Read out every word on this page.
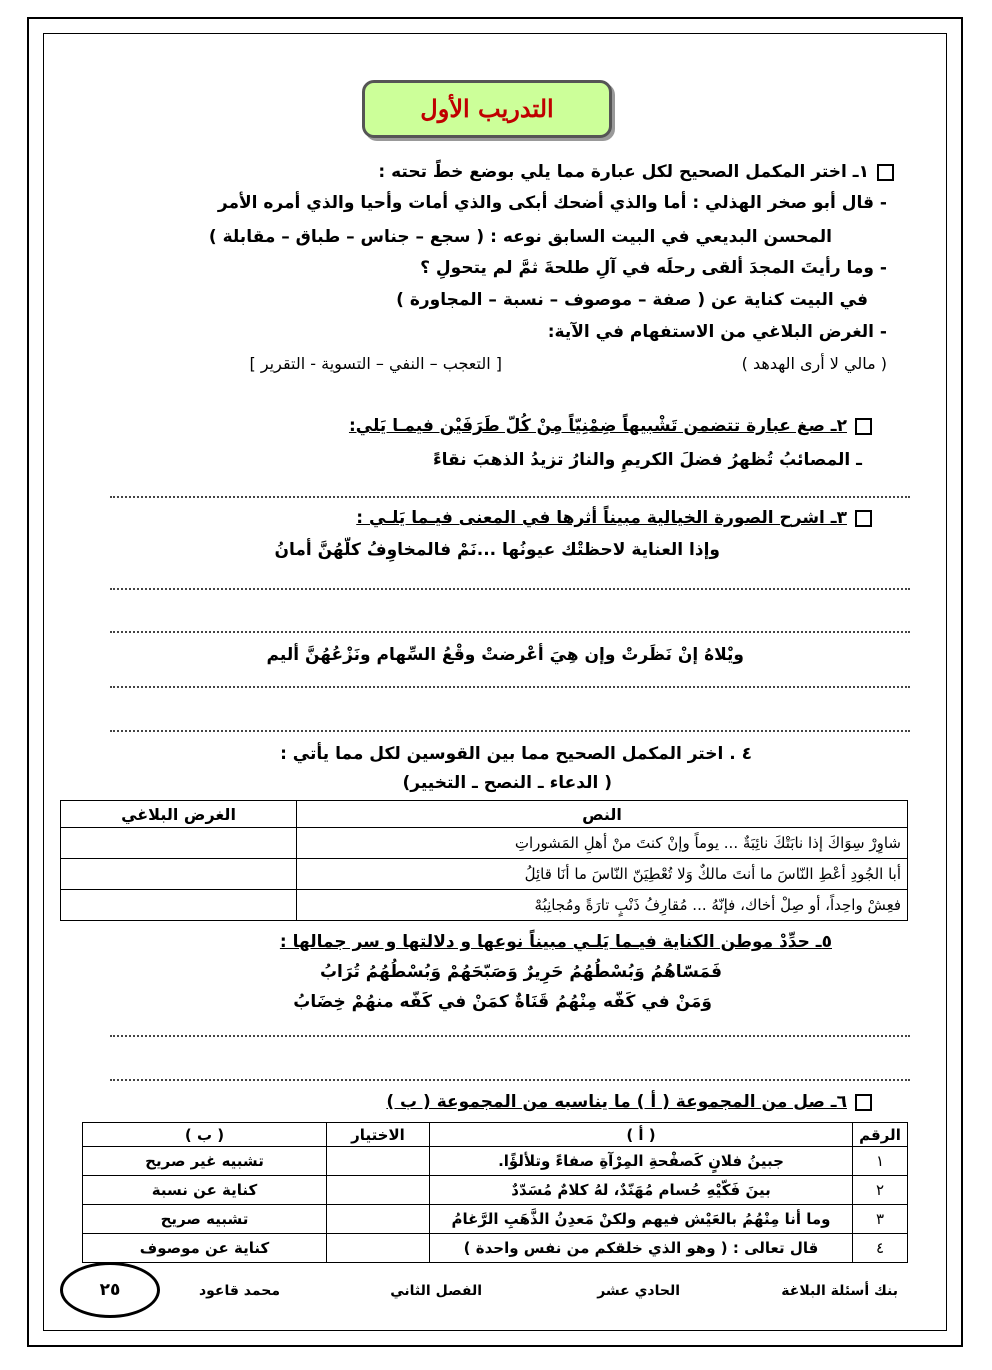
التدريب الأول
١ـ اختر المكمل الصحيح لكل عبارة مما يلي بوضع خطً تحته :
- قال أبو صخر الهذلي : أما والذي أضحك أبكى والذي أمات وأحيا والذي أمره الأمر
المحسن البديعي في البيت السابق نوعه : ( سجع – جناس – طباق – مقابلة )
- وما رأيتَ المجدَ ألقى رحلَه في آلِ طلحةَ ثمَّ لم يتحولِ ؟
في البيت كناية عن ( صفة – موصوف – نسبة – المجاورة )
- الغرض البلاغي من الاستفهام في الآية:
( مالي لا أرى الهدهد )
[ التعجب – النفي – التسوية - التقرير ]
٢ـ صغ عبارة تتضمن تَشْبيهاً ضِمْنِيّاً مِنْ كُلّ طَرَفَيْن فيمـا يَلي:
ـ المصائبُ تُظهرُ فضلَ الكريمِ والنارُ تزيدُ الذهبَ نقاءً
٣ـ اشرح الصورة الخيالية مبيناً أثرها في المعنى فيـما يَلـي :
وإذا العناية لاحظتْك عيونُها ...نَمْ فالمخاوِفُ كلّهُنَّ أمانُ
ويْلاهُ إنْ نَظَرتْ وإن هِيَ أعْرضتْ وقْعُ السِّهام ونَزْعُهُنَّ أليم
٤ . اختر المكمل الصحيح مما بين القوسين لكل مما يأتي :
( الدعاء ـ النصح ـ التخيير)
النص	الغرض البلاغي
شاوِرْ سِوَاكَ إذا نابَتْكَ نائِبَةٌ ... يوماً وإنْ كنتَ منْ أهلِ المَشوراتِ	
أبا الجُودِ أعْطِ النّاسَ ما أنتَ مالكٌ وَلا تُعْطِيَنّ النّاسَ ما أنَا قائِلُ	
فعِشْ واحِداً، أو صِلْ أخاك، فإنّهُ ... مُقارِفُ ذَنْبٍ تارَةً ومُجانِبُهْ	
٥ـ حدِّدْ موطن الكناية فيـما يَلـي مبيناً نوعها و دلالتها و سر جمالها :
فَمَسّاهُمُ وَبُسْطُهُمُ حَرِيرٌ وَصَبّحَهُمْ وَبُسْطُهُمُ تُرَابُ
وَمَنْ في كَفّه مِنْهُمُ قَنَاةٌ كمَنْ في كَفّه منهُمْ خِضَابُ
٦ـ صل من المجموعة ( أ ) ما يناسبه من المجموعة ( ب )
الرقم	( أ )	الاختيار	( ب )
١	جبينُ فلانٍ كَصفْحةِ المِرْآةِ صفاءً وتلألؤًا.		تشبيه غير صريح
٢	بينَ فَكّيْهِ حُسام مُهَنّدٌ، لهُ كلامٌ مُسَدّدٌ		كناية عن نسبة
٣	وما أنا مِنْهُمُ بالعَيْش فيهم ولكنْ مَعدِنُ الذَّهَبِ الرَّغامُ		تشبيه صريح
٤	قال تعالى : ( وهو الذي خلقكم من نفس واحدة )		كناية عن موصوف
٢٥	بنك أسئلة البلاغة
الحادي عشر
الفصل الثاني
محمد قاعود
